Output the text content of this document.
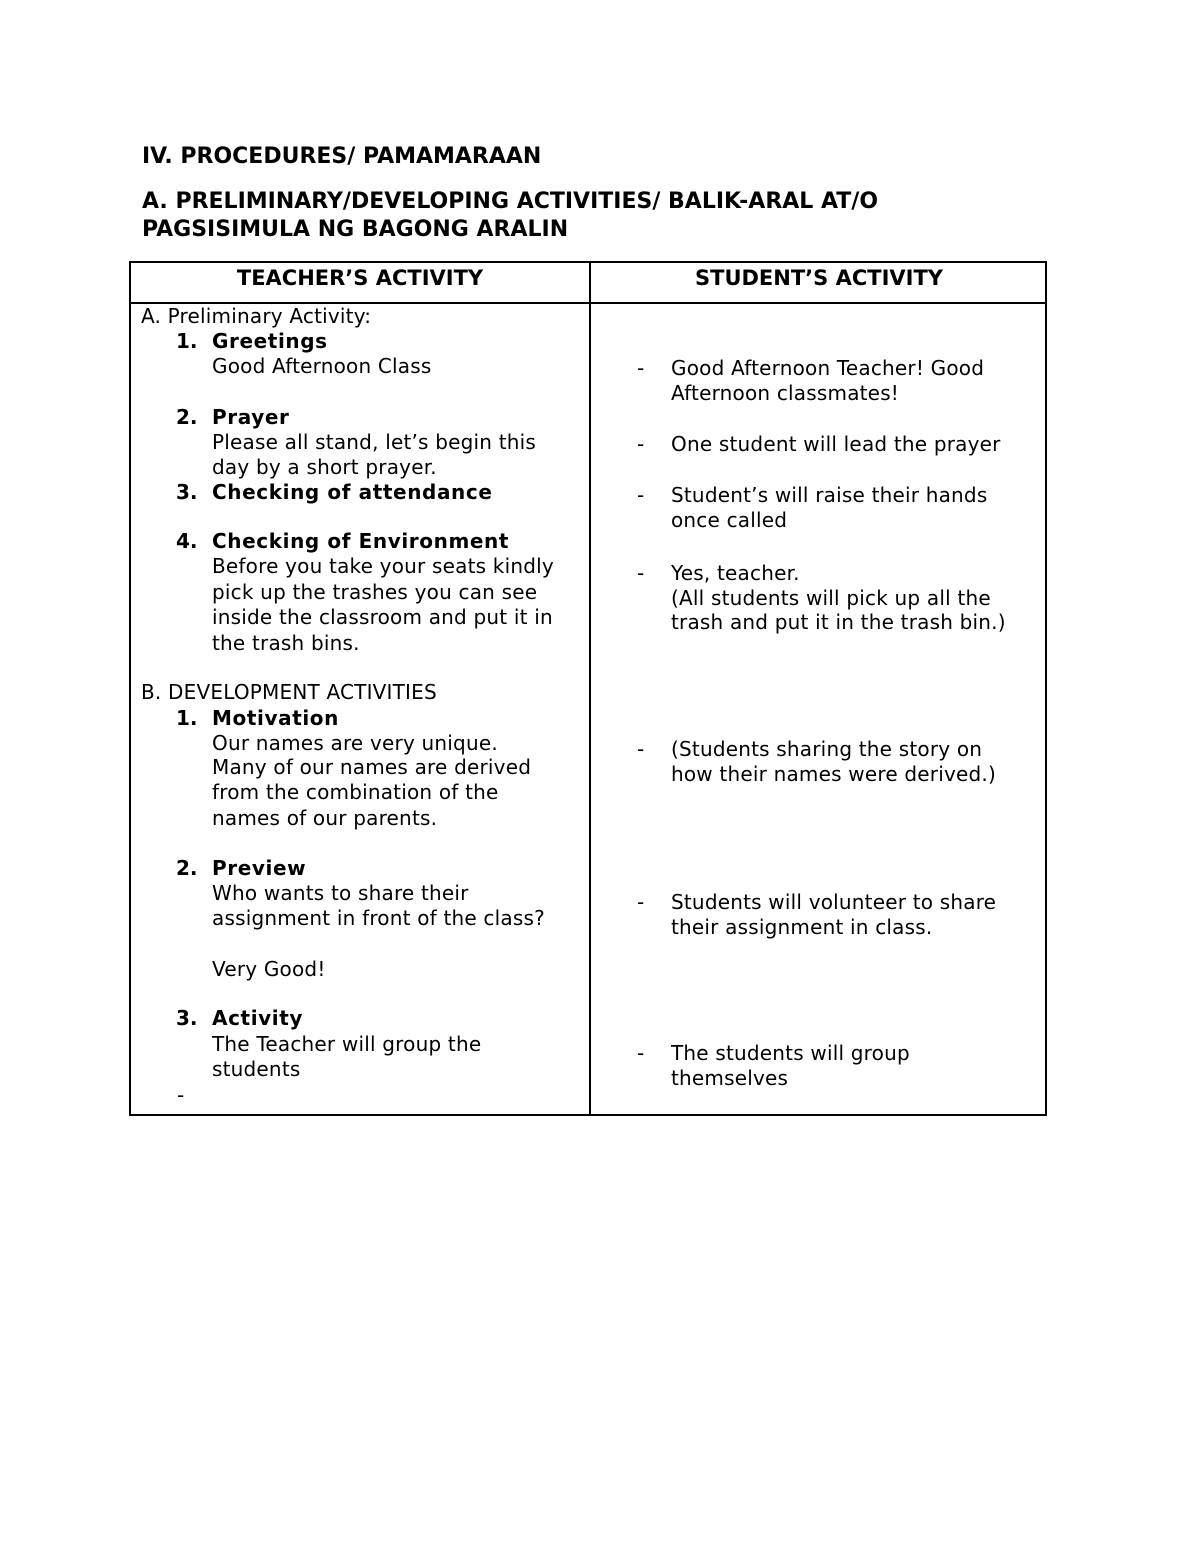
IV. PROCEDURES/ PAMAMARAAN
A. PRELIMINARY/DEVELOPING ACTIVITIES/ BALIK-ARAL AT/O
PAGSISIMULA NG BAGONG ARALIN
TEACHER’S ACTIVITY	STUDENT’S ACTIVITY
A. Preliminary Activity:
1. Greetings
Good Afternoon Class
2. Prayer
Please all stand, let’s begin this
day by a short prayer.
3. Checking of attendance
4. Checking of Environment
Before you take your seats kindly
pick up the trashes you can see
inside the classroom and put it in
the trash bins.
B. DEVELOPMENT ACTIVITIES
1. Motivation
Our names are very unique.
Many of our names are derived
from the combination of the
names of our parents.
2. Preview
Who wants to share their
assignment in front of the class?
Very Good!
3. Activity
The Teacher will group the
students
-
- Good Afternoon Teacher! Good
Afternoon classmates!
- One student will lead the prayer
- Student’s will raise their hands
once called
- Yes, teacher.
(All students will pick up all the
trash and put it in the trash bin.)
- (Students sharing the story on
how their names were derived.)
- Students will volunteer to share
their assignment in class.
- The students will group
themselves
